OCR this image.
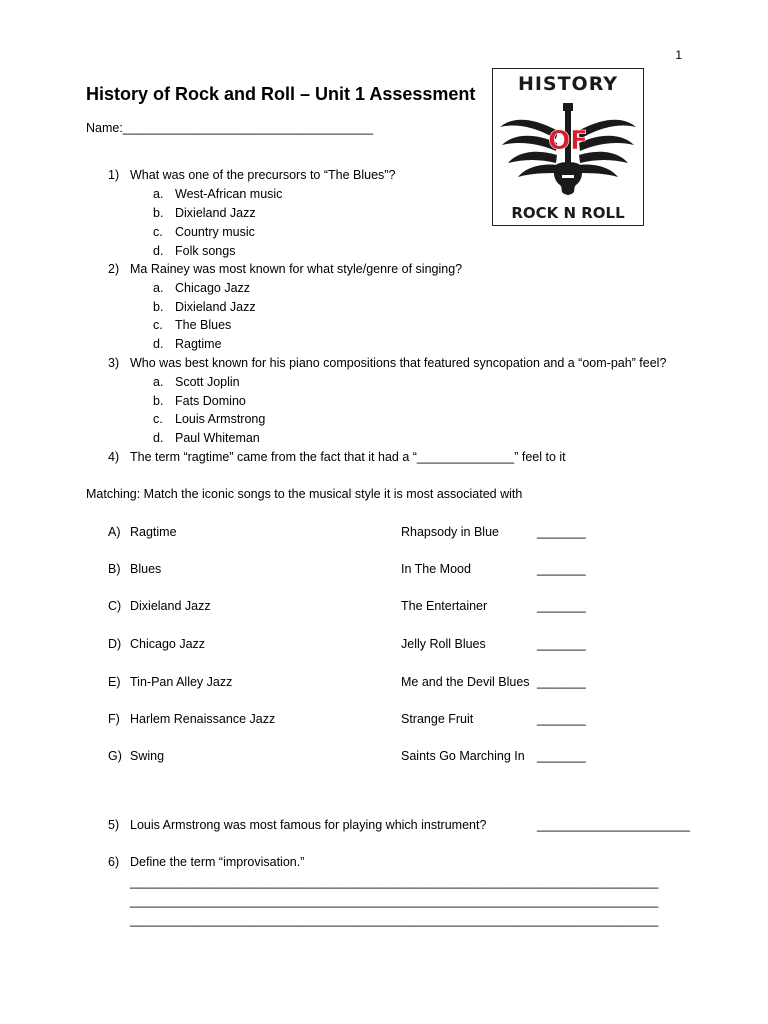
1
History of Rock and Roll – Unit 1 Assessment
Name:____________________________________
HISTORY
OF
ROCK N ROLL
1) What was one of the precursors to “The Blues”?
a. West-African music
b. Dixieland Jazz
c. Country music
d. Folk songs
2) Ma Rainey was most known for what style/genre of singing?
a. Chicago Jazz
b. Dixieland Jazz
c. The Blues
d. Ragtime
3) Who was best known for his piano compositions that featured syncopation and a “oom-pah” feel?
a. Scott Joplin
b. Fats Domino
c. Louis Armstrong
d. Paul Whiteman
4) The term “ragtime” came from the fact that it had a “______________” feel to it
Matching: Match the iconic songs to the musical style it is most associated with
A) Ragtime	Rhapsody in Blue	_______
B) Blues	In The Mood	_______
C) Dixieland Jazz	The Entertainer	_______
D) Chicago Jazz	Jelly Roll Blues	_______
E) Tin-Pan Alley Jazz	Me and the Devil Blues _______
F) Harlem Renaissance Jazz	Strange Fruit	_______
G) Swing	Saints Go Marching In _______
5) Louis Armstrong was most famous for playing which instrument?	______________________
6) Define the term “improvisation.”
____________________________________________________________________________
____________________________________________________________________________
____________________________________________________________________________
